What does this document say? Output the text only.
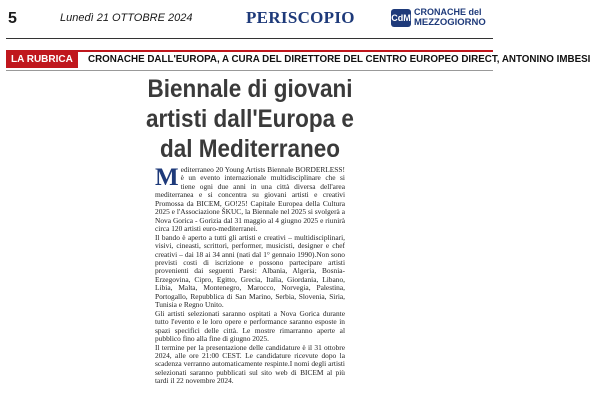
5	Lunedì 21 OTTOBRE 2024	PERISCOPIO	CdM
CRONACHE del
MEZZOGIORNO
LA RUBRICA	CRONACHE DALL'EUROPA, A CURA DEL DIRETTORE DEL CENTRO EUROPEO DIRECT, ANTONINO IMBESI
Biennale di giovani artisti dall'Europa e dal Mediterraneo

Mediterraneo 20 Young Artists Biennale BORDERLESS! è un evento internazionale multidisciplinare che si tiene ogni due anni in una città diversa dell'area mediterranea e si concentra su giovani artisti e creativi Promossa da BICEM, GO!25! Capitale Europea della Cultura 2025 e l'Associazione ŠKUC, la Biennale nel 2025 si svolgerà a Nova Gorica - Gorizia dal 31 maggio al 4 giugno 2025 e riunirà circa 120 artisti euro-mediterranei.

Il bando è aperto a tutti gli artisti e creativi – multidisciplinari, visivi, cineasti, scrittori, performer, musicisti, designer e chef creativi – dai 18 ai 34 anni (nati dal 1° gennaio 1990).Non sono previsti costi di iscrizione e possono partecipare artisti provenienti dai seguenti Paesi: Albania, Algeria, Bosnia-Erzegovina, Cipro, Egitto, Grecia, Italia, Giordania, Libano, Libia, Malta, Montenegro, Marocco, Norvegia, Palestina, Portogallo, Repubblica di San Marino, Serbia, Slovenia, Siria, Tunisia e Regno Unito.

Gli artisti selezionati saranno ospitati a Nova Gorica durante tutto l'evento e le loro opere e performance saranno esposte in spazi specifici delle città. Le mostre rimarranno aperte al pubblico fino alla fine di giugno 2025.

Il termine per la presentazione delle candidature è il 31 ottobre 2024, alle ore 21:00 CEST. Le candidature ricevute dopo la scadenza verranno automaticamente respinte.I nomi degli artisti selezionati saranno pubblicati sul sito web di BICEM al più tardi il 22 novembre 2024.
